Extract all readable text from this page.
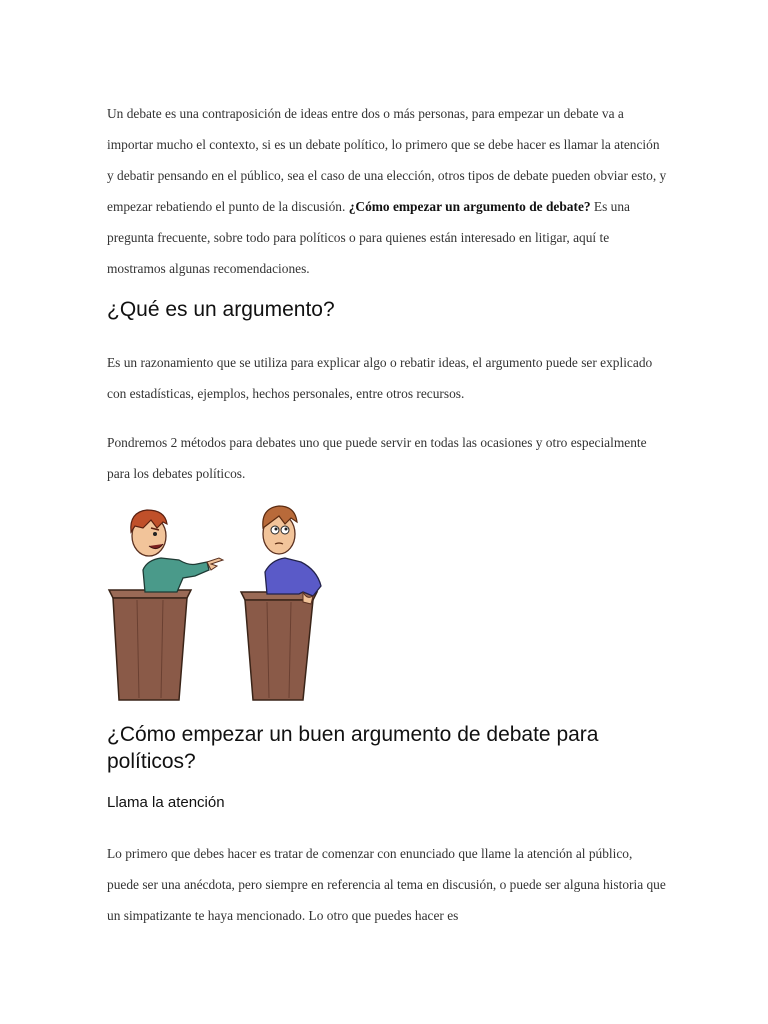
Un debate es una contraposición de ideas entre dos o más personas, para empezar un debate va a importar mucho el contexto, si es un debate político, lo primero que se debe hacer es llamar la atención y debatir pensando en el público, sea el caso de una elección, otros tipos de debate pueden obviar esto, y empezar rebatiendo el punto de la discusión. ¿Cómo empezar un argumento de debate? Es una pregunta frecuente, sobre todo para políticos o para quienes están interesado en litigar, aquí te mostramos algunas recomendaciones.

¿Qué es un argumento?

Es un razonamiento que se utiliza para explicar algo o rebatir ideas, el argumento puede ser explicado con estadísticas, ejemplos, hechos personales, entre otros recursos.

Pondremos 2 métodos para debates uno que puede servir en todas las ocasiones y otro especialmente para los debates políticos.

¿Cómo empezar un buen argumento de debate para políticos?
Llama la atención

Lo primero que debes hacer es tratar de comenzar con enunciado que llame la atención al público, puede ser una anécdota, pero siempre en referencia al tema en discusión, o puede ser alguna historia que un simpatizante te haya mencionado. Lo otro que puedes hacer es
